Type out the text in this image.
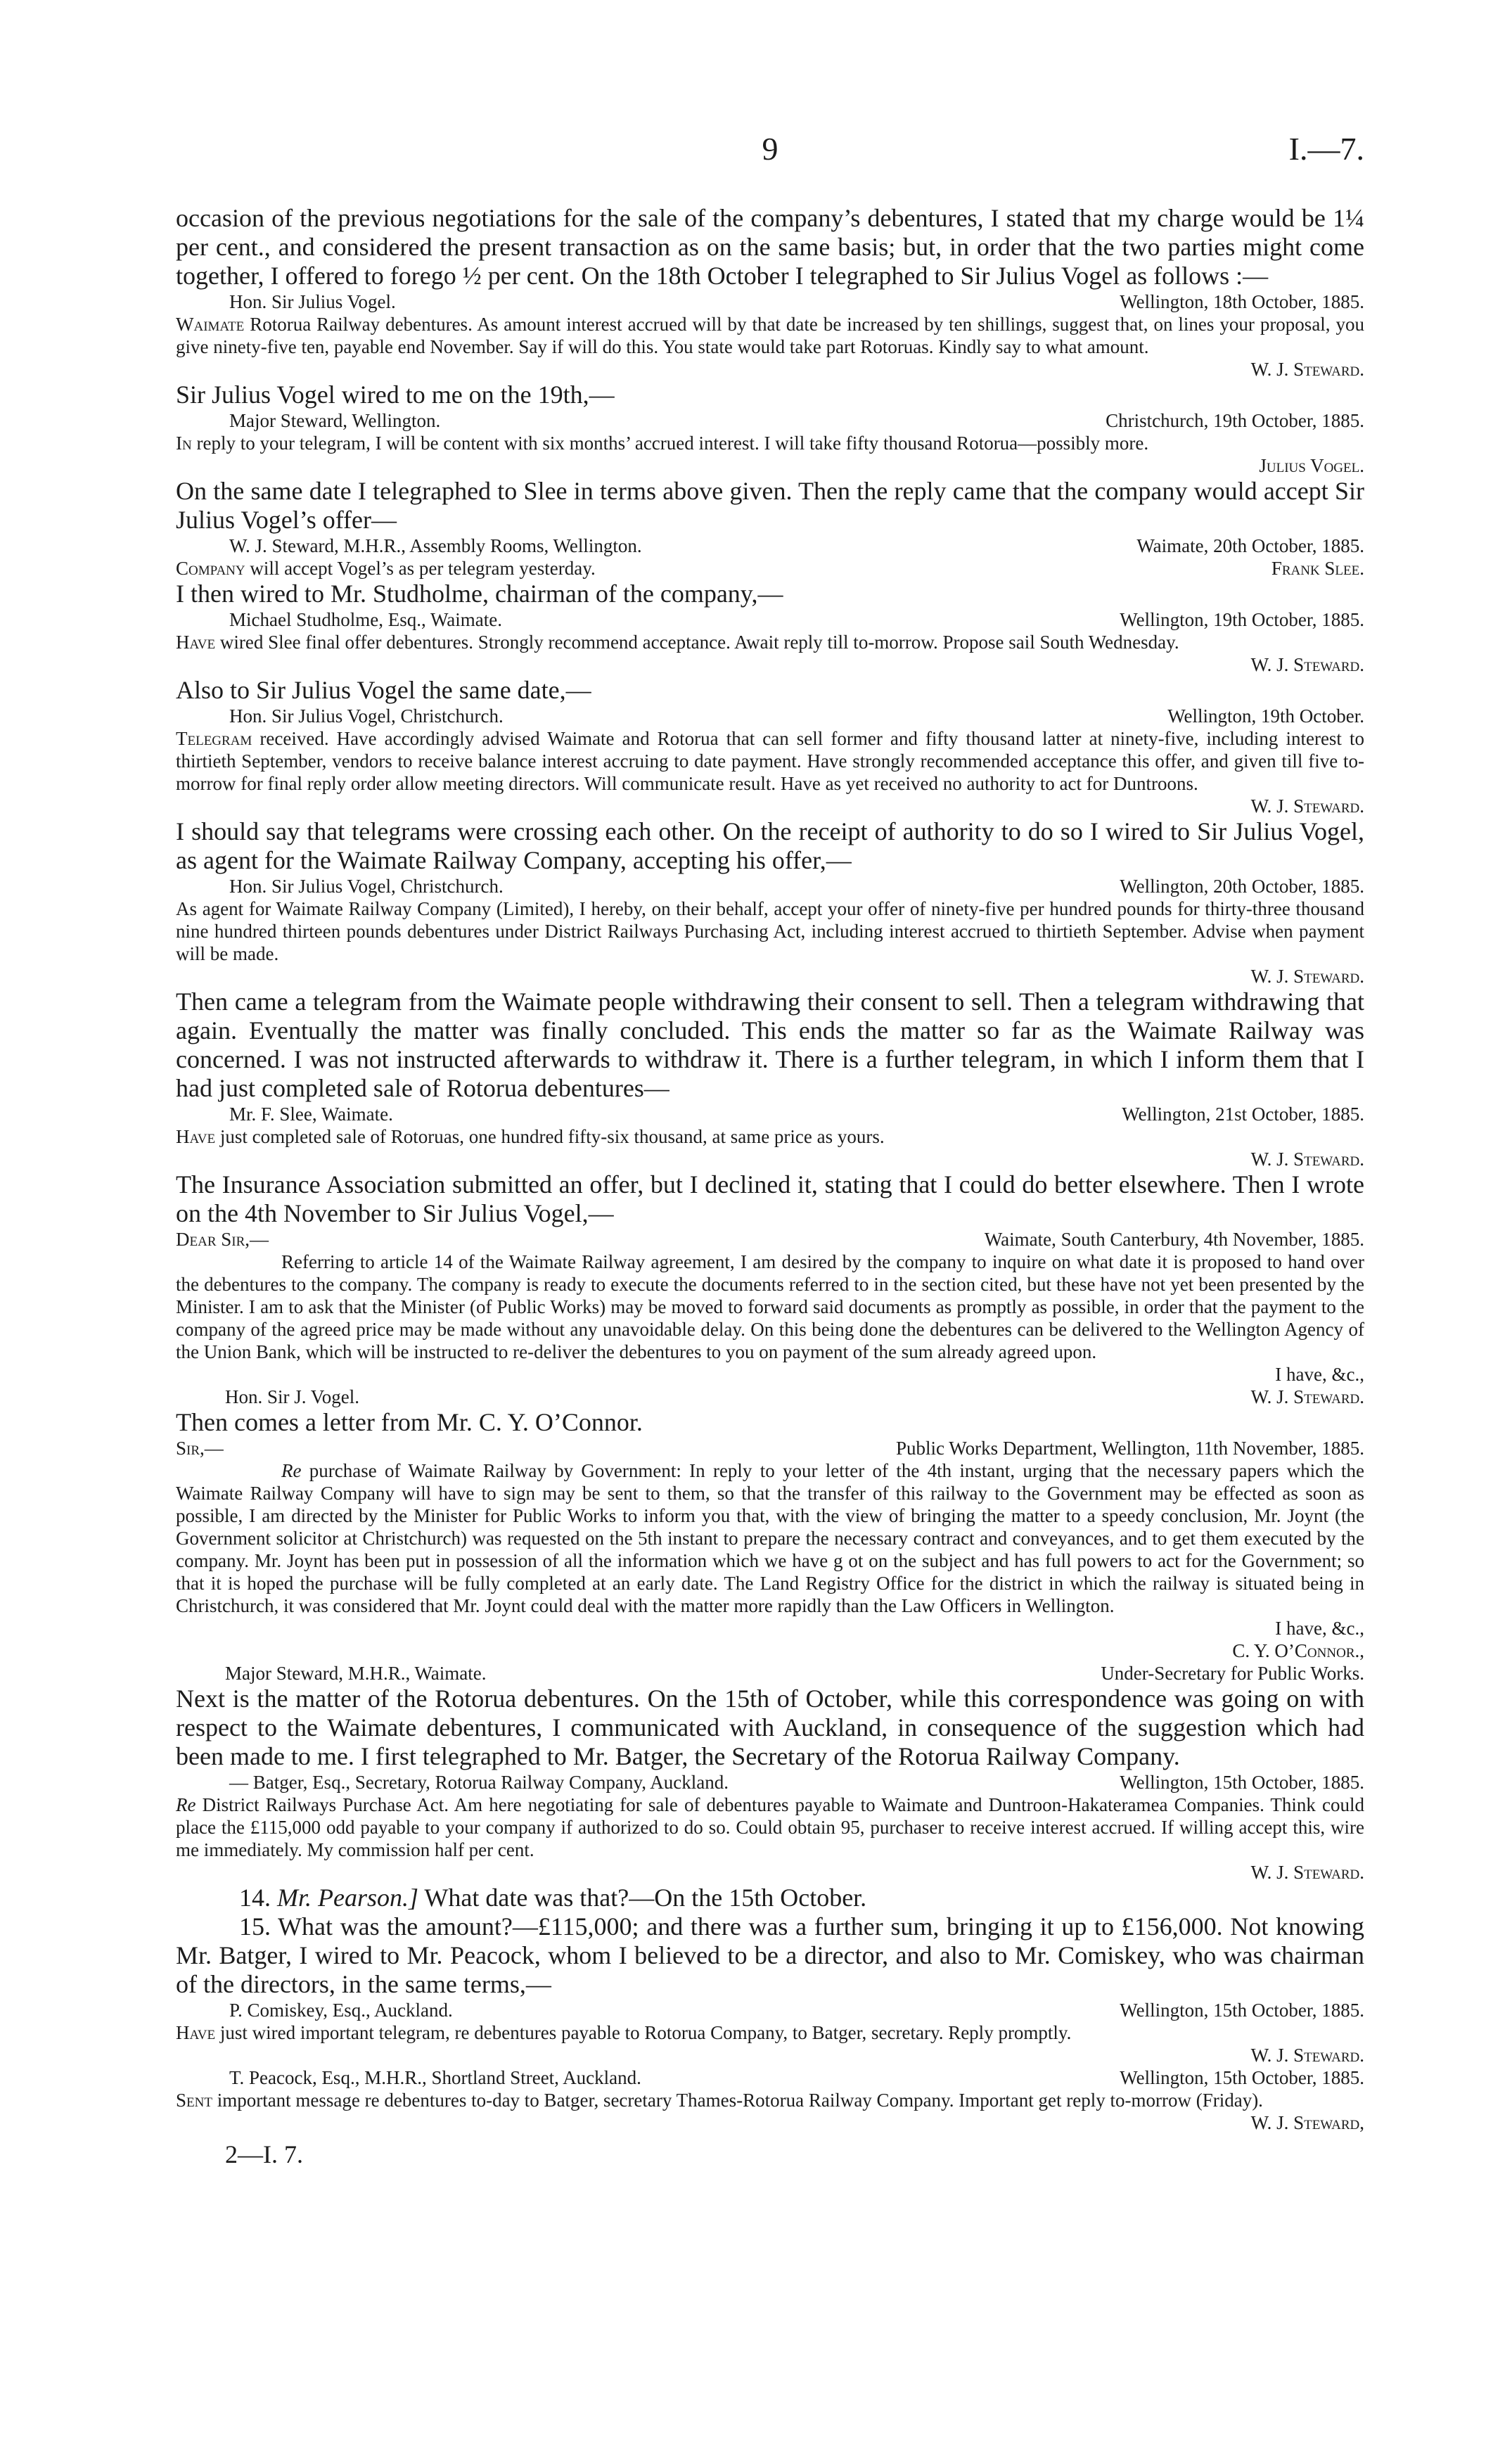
9	I.—7.

occasion of the previous negotiations for the sale of the company’s debentures, I stated that my charge would be 1¼ per cent., and considered the present transaction as on the same basis; but, in order that the two parties might come together, I offered to forego ½ per cent. On the 18th October I telegraphed to Sir Julius Vogel as follows :—

Hon. Sir Julius Vogel.	Wellington, 18th October, 1885.

Waimate Rotorua Railway debentures. As amount interest accrued will by that date be increased by ten shillings, suggest that, on lines your proposal, you give ninety-five ten, payable end November. Say if will do this. You state would take part Rotoruas. Kindly say to what amount.

W. J. Steward.

Sir Julius Vogel wired to me on the 19th,—

Major Steward, Wellington.	Christchurch, 19th October, 1885.

In reply to your telegram, I will be content with six months’ accrued interest. I will take fifty thousand Rotorua—possibly more.

Julius Vogel.

On the same date I telegraphed to Slee in terms above given. Then the reply came that the company would accept Sir Julius Vogel’s offer—

W. J. Steward, M.H.R., Assembly Rooms, Wellington.	Waimate, 20th October, 1885.
Company will accept Vogel’s as per telegram yesterday.	Frank Slee.

I then wired to Mr. Studholme, chairman of the company,—

Michael Studholme, Esq., Waimate.	Wellington, 19th October, 1885.

Have wired Slee final offer debentures. Strongly recommend acceptance. Await reply till to-morrow. Propose sail South Wednesday.

W. J. Steward.

Also to Sir Julius Vogel the same date,—

Hon. Sir Julius Vogel, Christchurch.	Wellington, 19th October.

Telegram received. Have accordingly advised Waimate and Rotorua that can sell former and fifty thousand latter at ninety-five, including interest to thirtieth September, vendors to receive balance interest accruing to date payment. Have strongly recommended acceptance this offer, and given till five to-morrow for final reply order allow meeting directors. Will communicate result. Have as yet received no authority to act for Duntroons.

W. J. Steward.

I should say that telegrams were crossing each other. On the receipt of authority to do so I wired to Sir Julius Vogel, as agent for the Waimate Railway Company, accepting his offer,—

Hon. Sir Julius Vogel, Christchurch.	Wellington, 20th October, 1885.

As agent for Waimate Railway Company (Limited), I hereby, on their behalf, accept your offer of ninety-five per hundred pounds for thirty-three thousand nine hundred thirteen pounds debentures under District Railways Purchasing Act, including interest accrued to thirtieth September. Advise when payment will be made.

W. J. Steward.

Then came a telegram from the Waimate people withdrawing their consent to sell. Then a telegram withdrawing that again. Eventually the matter was finally concluded. This ends the matter so far as the Waimate Railway was concerned. I was not instructed afterwards to withdraw it. There is a further telegram, in which I inform them that I had just completed sale of Rotorua debentures—

Mr. F. Slee, Waimate.	Wellington, 21st October, 1885.

Have just completed sale of Rotoruas, one hundred fifty-six thousand, at same price as yours.

W. J. Steward.

The Insurance Association submitted an offer, but I declined it, stating that I could do better elsewhere. Then I wrote on the 4th November to Sir Julius Vogel,—

Dear Sir,—	Waimate, South Canterbury, 4th November, 1885.

Referring to article 14 of the Waimate Railway agreement, I am desired by the company to inquire on what date it is proposed to hand over the debentures to the company. The company is ready to execute the documents referred to in the section cited, but these have not yet been presented by the Minister. I am to ask that the Minister (of Public Works) may be moved to forward said documents as promptly as possible, in order that the payment to the company of the agreed price may be made without any unavoidable delay. On this being done the debentures can be delivered to the Wellington Agency of the Union Bank, which will be instructed to re-deliver the debentures to you on payment of the sum already agreed upon.

I have, &c.,
Hon. Sir J. Vogel.	W. J. Steward.

Then comes a letter from Mr. C. Y. O’Connor.

Sir,—	Public Works Department, Wellington, 11th November, 1885.

Re purchase of Waimate Railway by Government: In reply to your letter of the 4th instant, urging that the necessary papers which the Waimate Railway Company will have to sign may be sent to them, so that the transfer of this railway to the Government may be effected as soon as possible, I am directed by the Minister for Public Works to inform you that, with the view of bringing the matter to a speedy conclusion, Mr. Joynt (the Government solicitor at Christchurch) was requested on the 5th instant to prepare the necessary contract and conveyances, and to get them executed by the company. Mr. Joynt has been put in possession of all the information which we have g ot on the subject and has full powers to act for the Government; so that it is hoped the purchase will be fully completed at an early date. The Land Registry Office for the district in which the railway is situated being in Christchurch, it was considered that Mr. Joynt could deal with the matter more rapidly than the Law Officers in Wellington.

I have, &c.,
C. Y. O’Connor.,
Major Steward, M.H.R., Waimate.	Under-Secretary for Public Works.

Next is the matter of the Rotorua debentures. On the 15th of October, while this correspondence was going on with respect to the Waimate debentures, I communicated with Auckland, in consequence of the suggestion which had been made to me. I first telegraphed to Mr. Batger, the Secretary of the Rotorua Railway Company.

— Batger, Esq., Secretary, Rotorua Railway Company, Auckland.	Wellington, 15th October, 1885.

Re District Railways Purchase Act. Am here negotiating for sale of debentures payable to Waimate and Duntroon-Hakateramea Companies. Think could place the £115,000 odd payable to your company if authorized to do so. Could obtain 95, purchaser to receive interest accrued. If willing accept this, wire me immediately. My commission half per cent.

W. J. Steward.

14. Mr. Pearson.] What date was that?—On the 15th October.

15. What was the amount?—£115,000; and there was a further sum, bringing it up to £156,000. Not knowing Mr. Batger, I wired to Mr. Peacock, whom I believed to be a director, and also to Mr. Comiskey, who was chairman of the directors, in the same terms,—

P. Comiskey, Esq., Auckland.	Wellington, 15th October, 1885.

Have just wired important telegram, re debentures payable to Rotorua Company, to Batger, secretary. Reply promptly.

W. J. Steward.
T. Peacock, Esq., M.H.R., Shortland Street, Auckland.	Wellington, 15th October, 1885.

Sent important message re debentures to-day to Batger, secretary Thames-Rotorua Railway Company. Important get reply to-morrow (Friday).

W. J. Steward,
2—I. 7.
